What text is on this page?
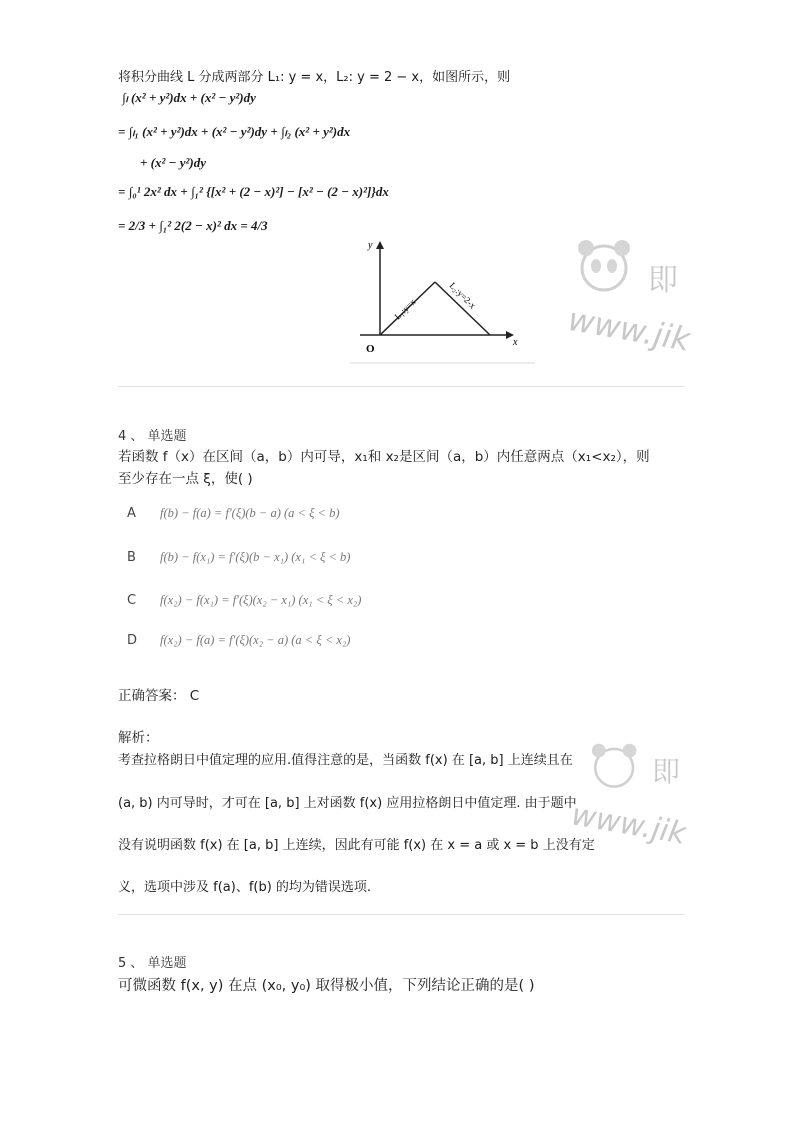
将积分曲线 L 分成两部分 L₁: y = x，L₂: y = 2 − x，如图所示，则
∫ₗ (x² + y²)dx + (x² − y²)dy
= ∫ₗ₁ (x² + y²)dx + (x² − y²)dy + ∫ₗ₂ (x² + y²)dx
+ (x² − y²)dy
= ∫₀¹ 2x² dx + ∫₁² {[x² + (2 − x)²] − [x² − (2 − x)²]}dx
= 2/3 + ∫₁² 2(2 − x)² dx = 4/3
y
x
O
L₁:y=x	L₂:y=2-x	即
www.jik
4 、 单选题
若函数 f（x）在区间（a，b）内可导，x₁和 x₂是区间（a，b）内任意两点（x₁<x₂），则
至少存在一点 ξ，使( )
A f(b) − f(a) = f′(ξ)(b − a) (a < ξ < b)
B f(b) − f(x₁) = f′(ξ)(b − x₁) (x₁ < ξ < b)
C f(x₂) − f(x₁) = f′(ξ)(x₂ − x₁) (x₁ < ξ < x₂)
D f(x₂) − f(a) = f′(ξ)(x₂ − a) (a < ξ < x₂)
正确答案： C
解析：
考查拉格朗日中值定理的应用.值得注意的是，当函数 f(x) 在 [a, b] 上连续且在
(a, b) 内可导时，才可在 [a, b] 上对函数 f(x) 应用拉格朗日中值定理. 由于题中
没有说明函数 f(x) 在 [a, b] 上连续，因此有可能 f(x) 在 x = a 或 x = b 上没有定
义，选项中涉及 f(a)、f(b) 的均为错误选项.
即
www.jik
5 、 单选题
可微函数 f(x, y) 在点 (x₀, y₀) 取得极小值，下列结论正确的是( )
